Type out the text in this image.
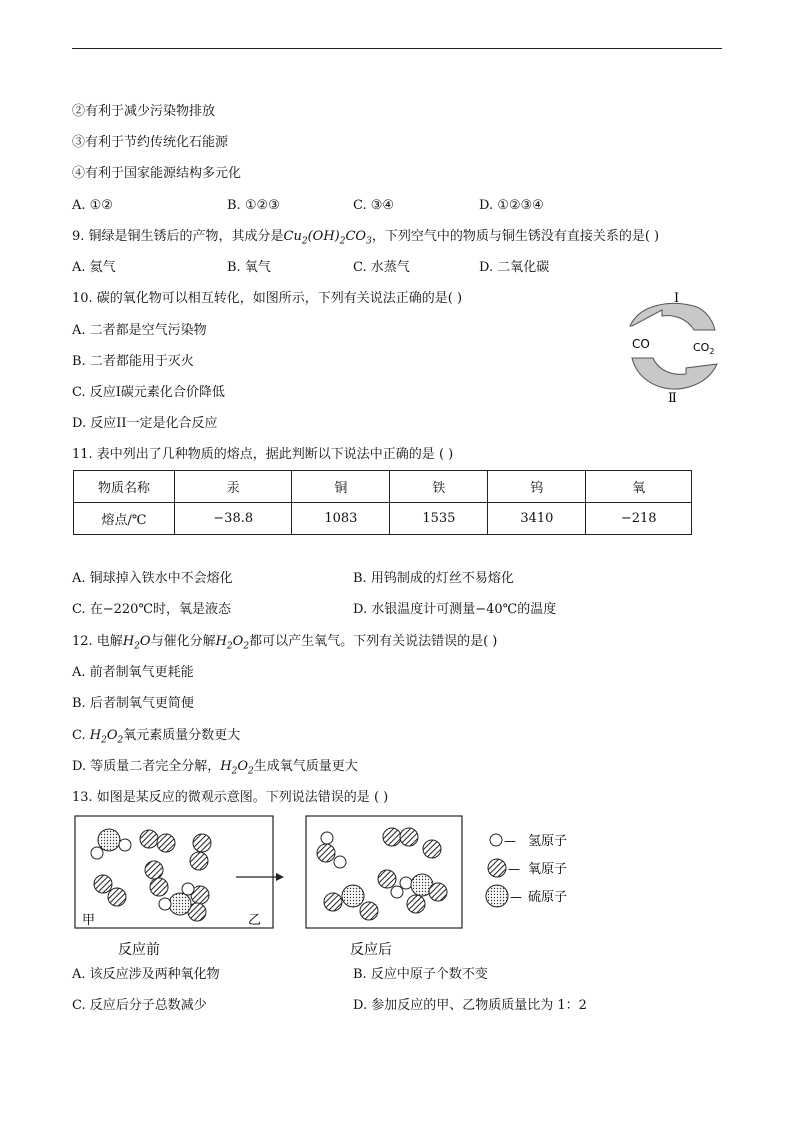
②有利于减少污染物排放
③有利于节约传统化石能源
④有利于国家能源结构多元化
A. ①②	B. ①②③	C. ③④	D. ①②③④
9. 铜绿是铜生锈后的产物，其成分是$Cu_2(OH)_2CO_3$，下列空气中的物质与铜生锈没有直接关系的是( )
A. 氦气	B. 氧气	C. 水蒸气	D. 二氧化碳
10. 碳的氧化物可以相互转化，如图所示，下列有关说法正确的是( )
A. 二者都是空气污染物
B. 二者都能用于灭火
C. 反应I碳元素化合价降低
D. 反应II一定是化合反应
I
CO	$CO_2$
Ⅱ
11. 表中列出了几种物质的熔点，据此判断以下说法中正确的是 ( )
物质名称	汞	铜	铁	钨	氧
熔点/℃	−38.8	1083	1535	3410	−218
A. 铜球掉入铁水中不会熔化	B. 用钨制成的灯丝不易熔化
C. 在−220℃时，氧是液态	D. 水银温度计可测量−40℃的温度
12. 电解$H_2O$与催化分解$H_2O_2$都可以产生氧气。下列有关说法错误的是( )
A. 前者制氧气更耗能
B. 后者制氧气更简便
C. $H_2O_2$氧元素质量分数更大
D. 等质量二者完全分解，$H_2O_2$生成氧气质量更大
13. 如图是某反应的微观示意图。下列说法错误的是 ( )
甲	乙
— 氢原子
— 氧原子
— 硫原子
反应前	反应后
A. 该反应涉及两种氧化物	B. 反应中原子个数不变
C. 反应后分子总数减少	D. 参加反应的甲、乙物质质量比为 1：2
